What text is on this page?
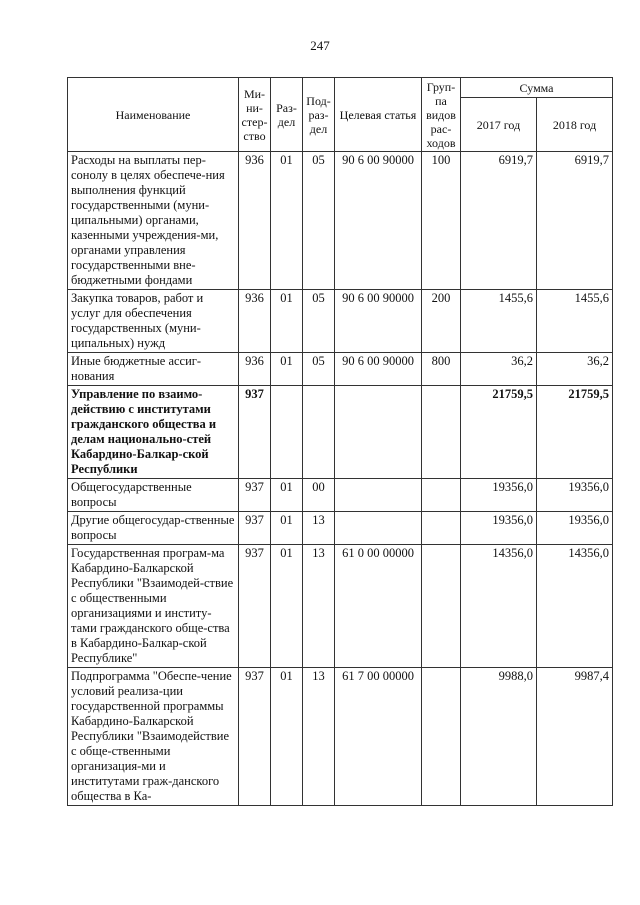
247
Наименование	Ми-ни-стер-ство	Раз-дел	Под-раз-дел	Целевая статья	Груп-па видов рас-ходов	Сумма	
						2017 год	2018 год
Расходы на выплаты пер-сонолу в целях обеспече-ния выполнения функций государственными (муни-ципальными) органами, казенными учреждения-ми, органами управления государственными вне-бюджетными фондами	936	01	05	90 6 00 90000	100	6919,7	6919,7
Закупка товаров, работ и услуг для обеспечения государственных (муни-ципальных) нужд	936	01	05	90 6 00 90000	200	1455,6	1455,6
Иные бюджетные ассиг-нования	936	01	05	90 6 00 90000	800	36,2	36,2
Управление по взаимо-действию с институтами гражданского общества и делам национально-стей Кабардино-Балкар-ской Республики	937					21759,5	21759,5
Общегосударственные вопросы	937	01	00			19356,0	19356,0
Другие общегосудар-ственные вопросы	937	01	13			19356,0	19356,0
Государственная програм-ма Кабардино-Балкарской Республики "Взаимодей-ствие с общественными организациями и институ-тами гражданского обще-ства в Кабардино-Балкар-ской Республике"	937	01	13	61 0 00 00000		14356,0	14356,0
Подпрограмма "Обеспе-чение условий реализа-ции государственной программы Кабардино-Балкарской Республики "Взаимодействие с обще-ственными организация-ми и институтами граж-данского общества в Ка-	937	01	13	61 7 00 00000		9988,0	9987,4
